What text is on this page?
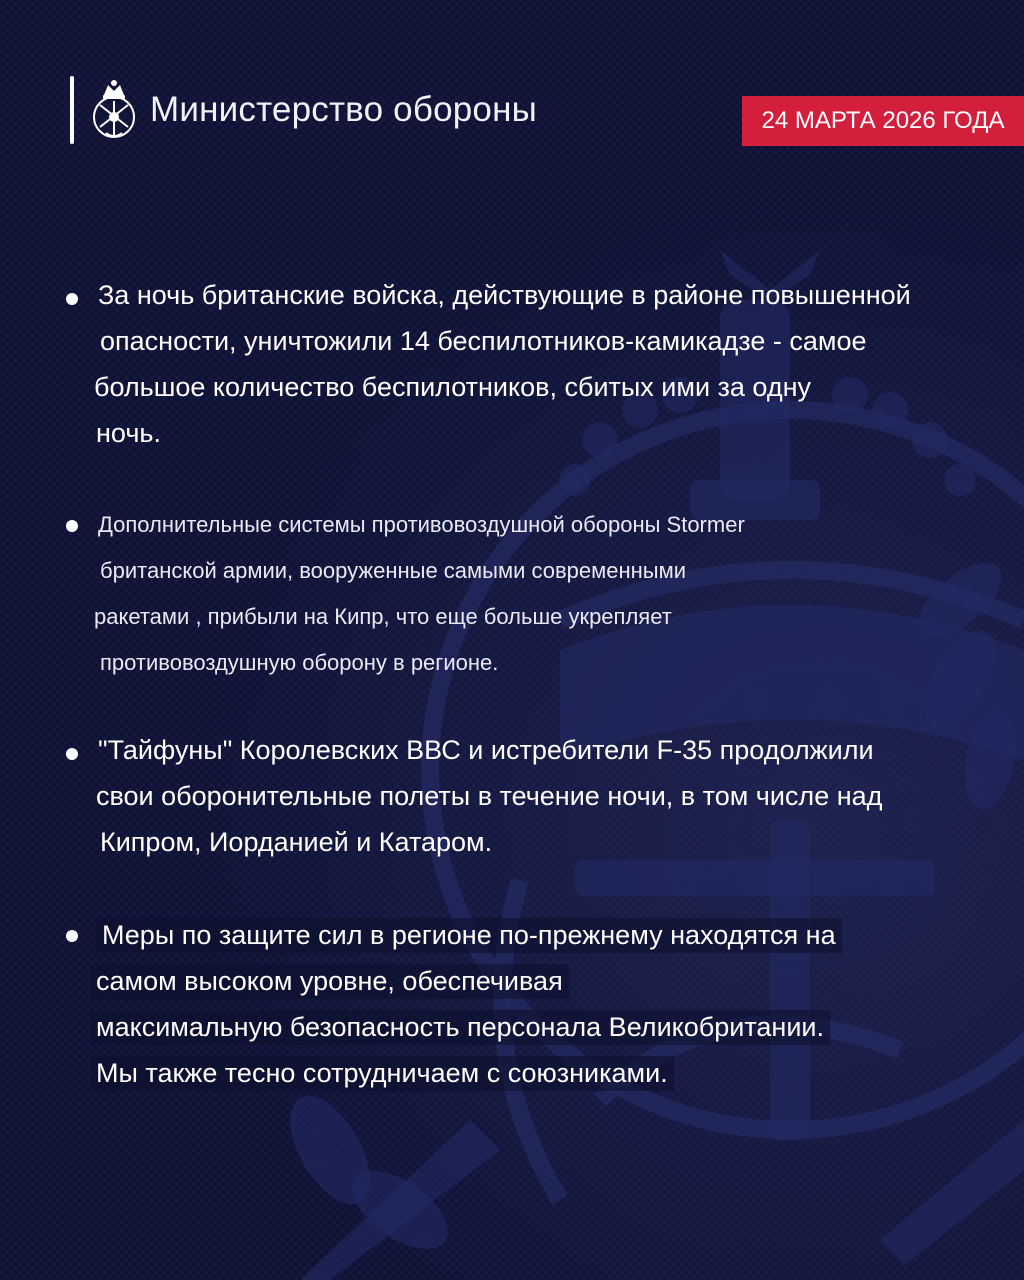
Министерство обороны	24 МАРТА 2026 ГОДА
За ночь британские войска, действующие в районе повышенной
опасности, уничтожили 14 беспилотников-камикадзе - самое
большое количество беспилотников, сбитых ими за одну
ночь.
Дополнительные системы противовоздушной обороны Stormer
британской армии, вооруженные самыми современными
ракетами , прибыли на Кипр, что еще больше укрепляет
противовоздушную оборону в регионе.
"Тайфуны" Королевских ВВС и истребители F-35 продолжили
свои оборонительные полеты в течение ночи, в том числе над
Кипром, Иорданией и Катаром.
Меры по защите сил в регионе по-прежнему находятся на
самом высоком уровне, обеспечивая
максимальную безопасность персонала Великобритании.
Мы также тесно сотрудничаем с союзниками.
